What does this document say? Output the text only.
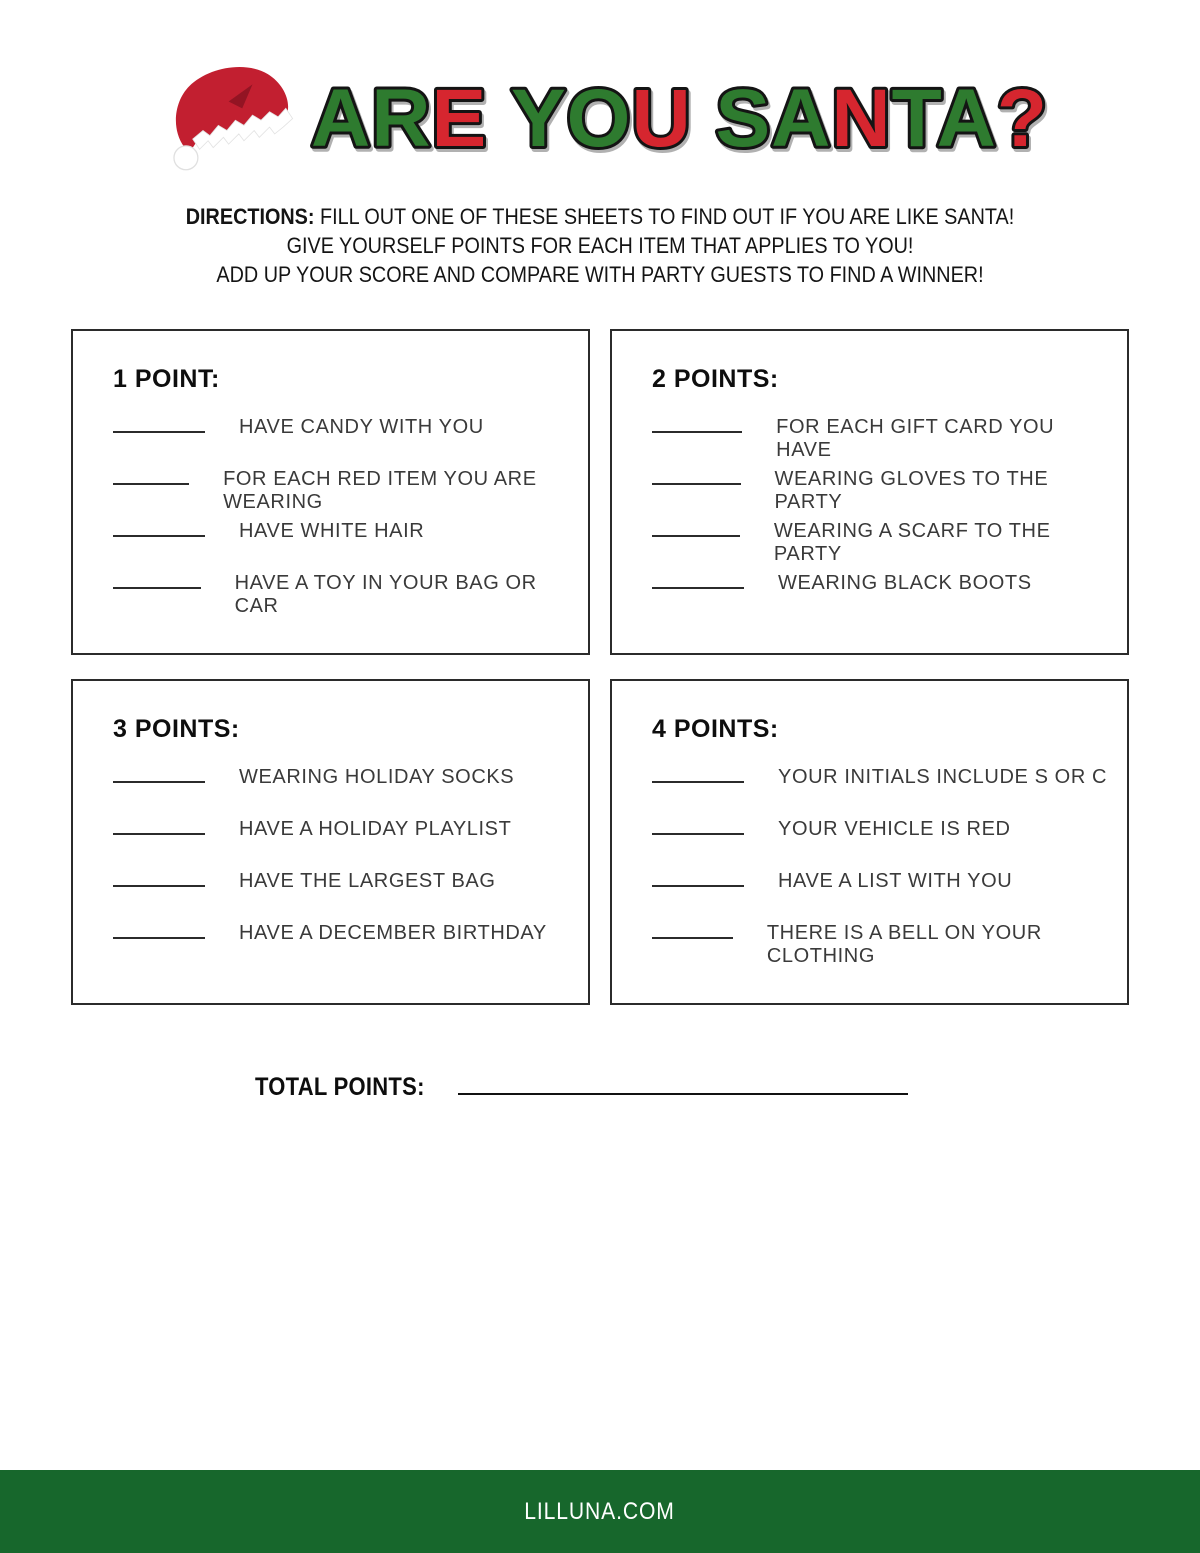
ARE YOU SANTA?

DIRECTIONS: FILL OUT ONE OF THESE SHEETS TO FIND OUT IF YOU ARE LIKE SANTA!
GIVE YOURSELF POINTS FOR EACH ITEM THAT APPLIES TO YOU!
ADD UP YOUR SCORE AND COMPARE WITH PARTY GUESTS TO FIND A WINNER!

1 POINT:
HAVE CANDY WITH YOU
FOR EACH RED ITEM YOU ARE WEARING
HAVE WHITE HAIR
HAVE A TOY IN YOUR BAG OR CAR
2 POINTS:
FOR EACH GIFT CARD YOU HAVE
WEARING GLOVES TO THE PARTY
WEARING A SCARF TO THE PARTY
WEARING BLACK BOOTS
3 POINTS:
WEARING HOLIDAY SOCKS
HAVE A HOLIDAY PLAYLIST
HAVE THE LARGEST BAG
HAVE A DECEMBER BIRTHDAY
4 POINTS:
YOUR INITIALS INCLUDE S OR C
YOUR VEHICLE IS RED
HAVE A LIST WITH YOU
THERE IS A BELL ON YOUR CLOTHING
TOTAL POINTS:
LILLUNA.COM
